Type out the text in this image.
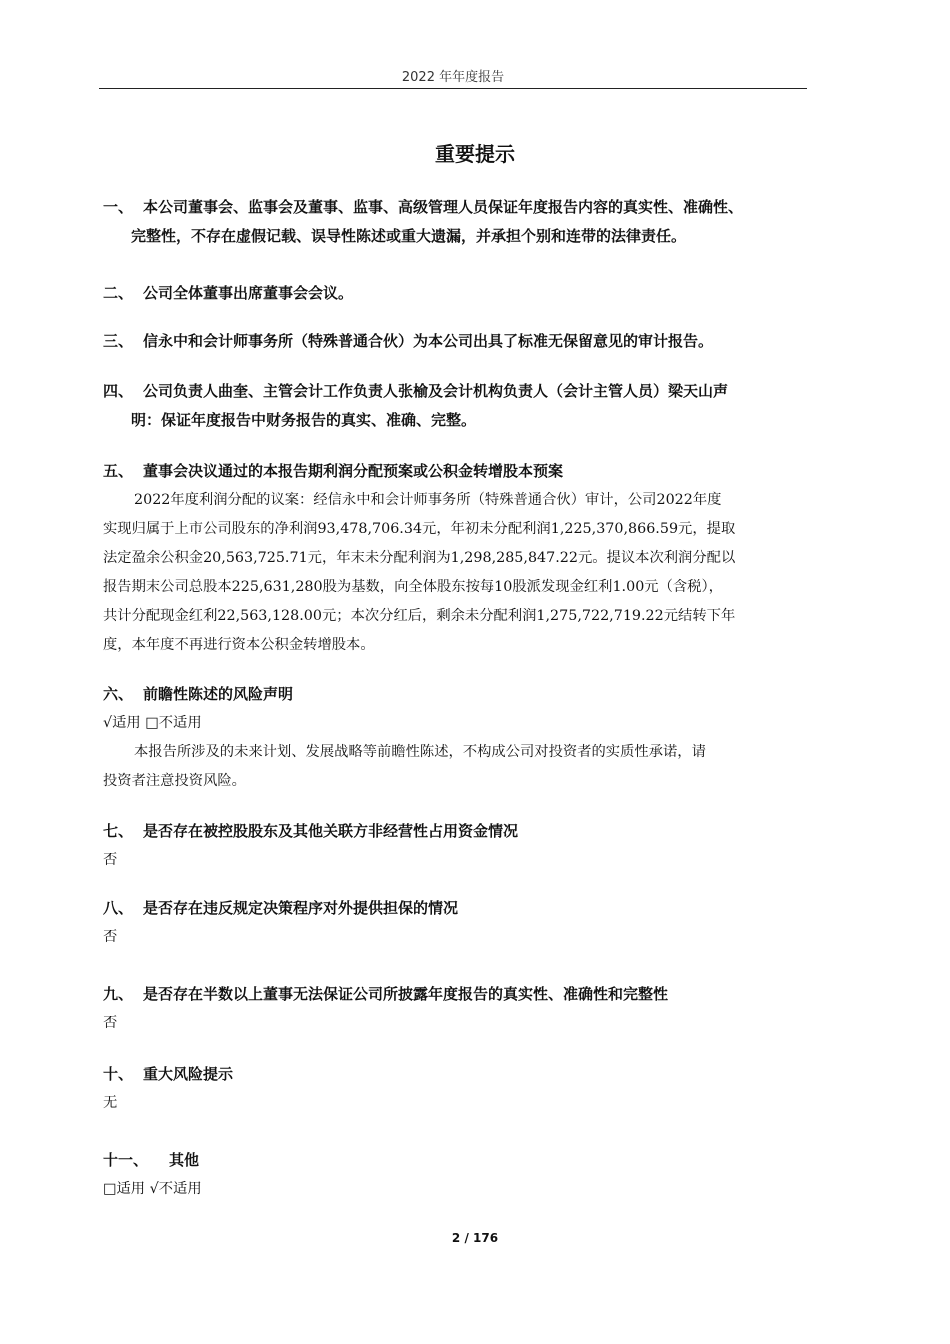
2022 年年度报告
重要提示
一、 本公司董事会、监事会及董事、监事、高级管理人员保证年度报告内容的真实性、准确性、
完整性，不存在虚假记载、误导性陈述或重大遗漏，并承担个别和连带的法律责任。
二、 公司全体董事出席董事会会议。
三、 信永中和会计师事务所（特殊普通合伙）为本公司出具了标准无保留意见的审计报告。
四、 公司负责人曲奎、主管会计工作负责人张榆及会计机构负责人（会计主管人员）梁天山声
明：保证年度报告中财务报告的真实、准确、完整。
五、 董事会决议通过的本报告期利润分配预案或公积金转增股本预案

2022年度利润分配的议案：经信永中和会计师事务所（特殊普通合伙）审计，公司2022年度

实现归属于上市公司股东的净利润93,478,706.34元，年初未分配利润1,225,370,866.59元，提取

法定盈余公积金20,563,725.71元，年末未分配利润为1,298,285,847.22元。提议本次利润分配以

报告期末公司总股本225,631,280股为基数，向全体股东按每10股派发现金红利1.00元（含税），

共计分配现金红利22,563,128.00元；本次分红后，剩余未分配利润1,275,722,719.22元结转下年

度，本年度不再进行资本公积金转增股本。

六、 前瞻性陈述的风险声明

√适用 □不适用

本报告所涉及的未来计划、发展战略等前瞻性陈述，不构成公司对投资者的实质性承诺，请

投资者注意投资风险。

七、 是否存在被控股股东及其他关联方非经营性占用资金情况

否

八、 是否存在违反规定决策程序对外提供担保的情况

否

九、 是否存在半数以上董事无法保证公司所披露年度报告的真实性、准确性和完整性

否

十、 重大风险提示

无

十一、	其他

□适用 √不适用

2 / 176
